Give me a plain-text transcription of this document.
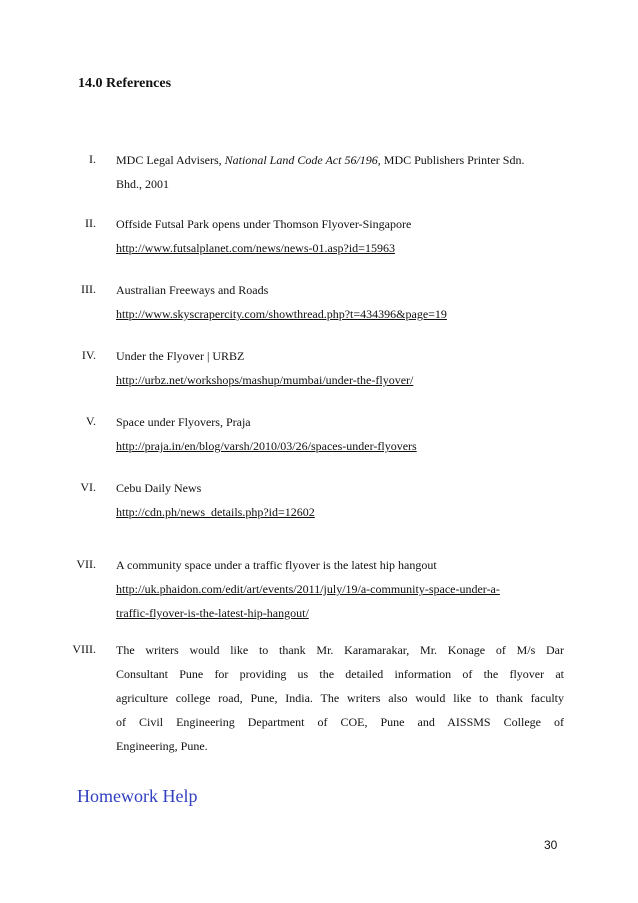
14.0 References
I. MDC Legal Advisers, National Land Code Act 56/196, MDC Publishers Printer Sdn.
Bhd., 2001
II. Offside Futsal Park opens under Thomson Flyover-Singapore
http://www.futsalplanet.com/news/news-01.asp?id=15963
III. Australian Freeways and Roads
http://www.skyscrapercity.com/showthread.php?t=434396&page=19
IV. Under the Flyover | URBZ
http://urbz.net/workshops/mashup/mumbai/under-the-flyover/
V. Space under Flyovers, Praja
http://praja.in/en/blog/varsh/2010/03/26/spaces-under-flyovers
VI. Cebu Daily News
http://cdn.ph/news_details.php?id=12602
VII. A community space under a traffic flyover is the latest hip hangout
http://uk.phaidon.com/edit/art/events/2011/july/19/a-community-space-under-a-
traffic-flyover-is-the-latest-hip-hangout/
VIII. The writers would like to thank Mr. Karamarakar, Mr. Konage of M/s Dar
Consultant Pune for providing us the detailed information of the flyover at
agriculture college road, Pune, India. The writers also would like to thank faculty
of Civil Engineering Department of COE, Pune and AISSMS College of
Engineering, Pune.
Homework Help
30
